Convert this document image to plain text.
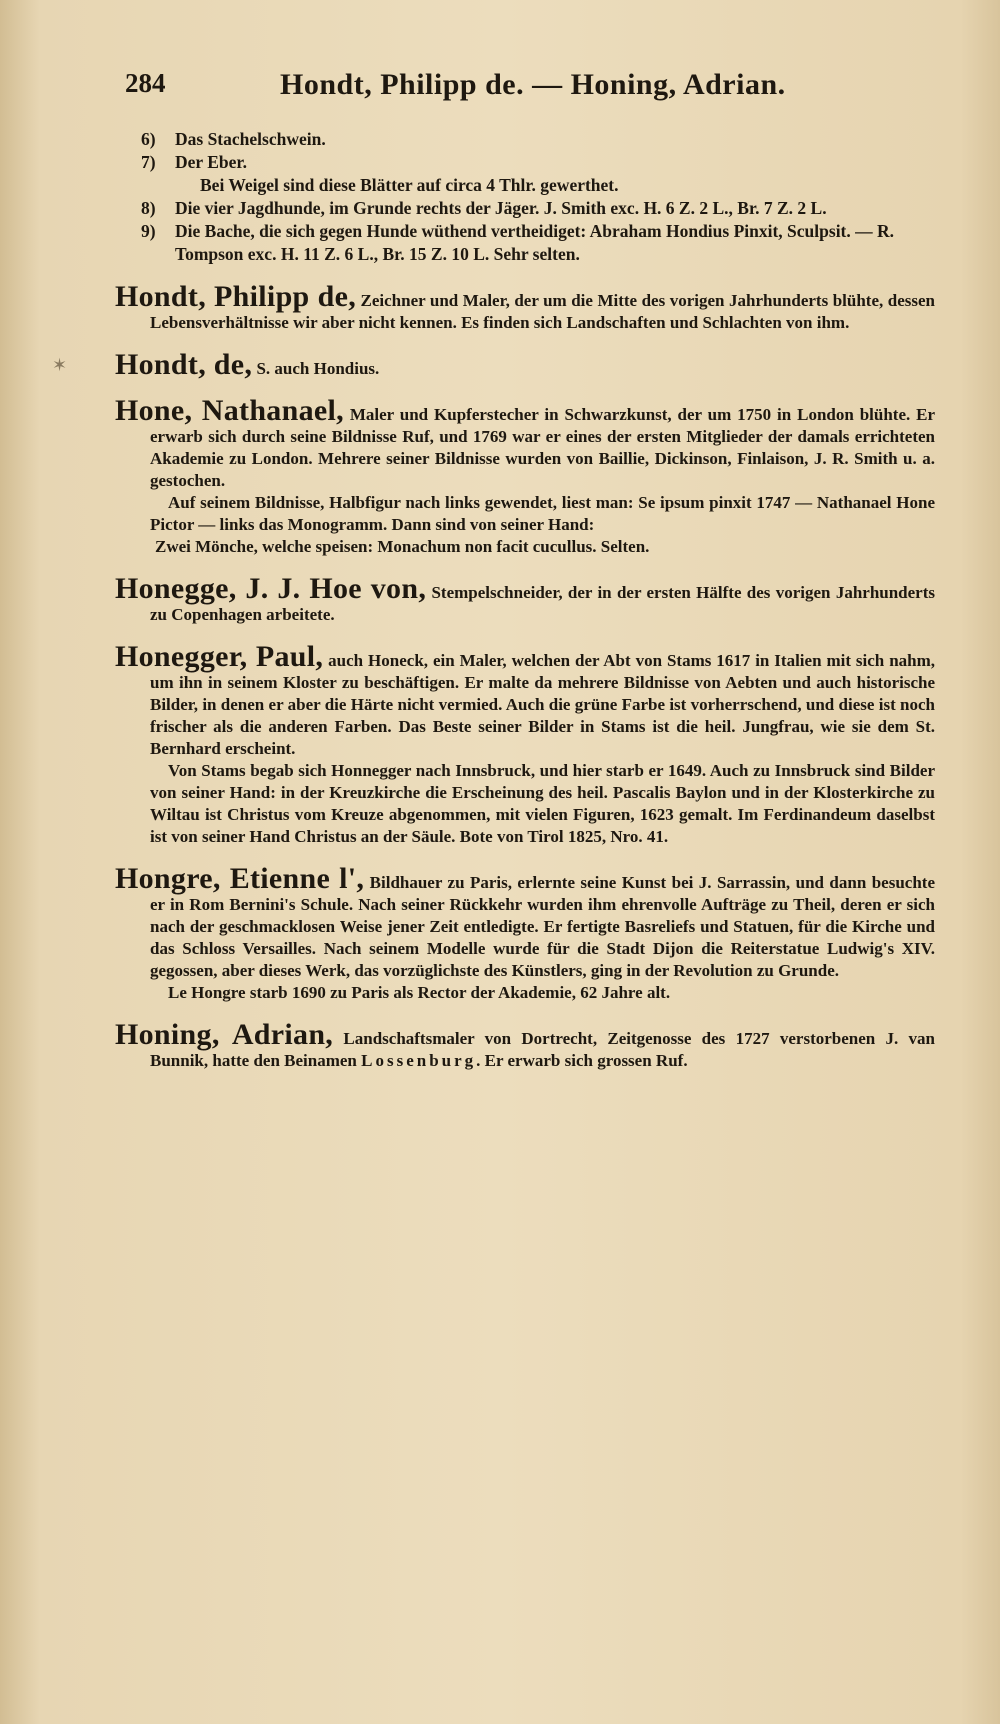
✶
284	Hondt, Philipp de. — Honing, Adrian.
6) Das Stachelschwein.
7) Der Eber.
Bei Weigel sind diese Blätter auf circa 4 Thlr. gewerthet.
8) Die vier Jagdhunde, im Grunde rechts der Jäger. J. Smith exc. H. 6 Z. 2 L., Br. 7 Z. 2 L.
9) Die Bache, die sich gegen Hunde wüthend vertheidiget: Abraham Hondius Pinxit, Sculpsit. — R. Tompson exc. H. 11 Z. 6 L., Br. 15 Z. 10 L. Sehr selten.
Hondt, Philipp de, Zeichner und Maler, der um die Mitte des vorigen Jahrhunderts blühte, dessen Lebensverhältnisse wir aber nicht kennen. Es finden sich Landschaften und Schlachten von ihm.
Hondt, de, S. auch Hondius.
Hone, Nathanael, Maler und Kupferstecher in Schwarzkunst, der um 1750 in London blühte. Er erwarb sich durch seine Bildnisse Ruf, und 1769 war er eines der ersten Mitglieder der damals errichteten Akademie zu London. Mehrere seiner Bildnisse wurden von Baillie, Dickinson, Finlaison, J. R. Smith u. a. gestochen.
Auf seinem Bildnisse, Halbfigur nach links gewendet, liest man: Se ipsum pinxit 1747 — Nathanael Hone Pictor — links das Monogramm. Dann sind von seiner Hand:
Zwei Mönche, welche speisen: Monachum non facit cucullus. Selten.
Honegge, J. J. Hoe von, Stempelschneider, der in der ersten Hälfte des vorigen Jahrhunderts zu Copenhagen arbeitete.
Honegger, Paul, auch Honeck, ein Maler, welchen der Abt von Stams 1617 in Italien mit sich nahm, um ihn in seinem Kloster zu beschäftigen. Er malte da mehrere Bildnisse von Aebten und auch historische Bilder, in denen er aber die Härte nicht vermied. Auch die grüne Farbe ist vorherrschend, und diese ist noch frischer als die anderen Farben. Das Beste seiner Bilder in Stams ist die heil. Jungfrau, wie sie dem St. Bernhard erscheint.
Von Stams begab sich Honnegger nach Innsbruck, und hier starb er 1649. Auch zu Innsbruck sind Bilder von seiner Hand: in der Kreuzkirche die Erscheinung des heil. Pascalis Baylon und in der Klosterkirche zu Wiltau ist Christus vom Kreuze abgenommen, mit vielen Figuren, 1623 gemalt. Im Ferdinandeum daselbst ist von seiner Hand Christus an der Säule. Bote von Tirol 1825, Nro. 41.
Hongre, Etienne l', Bildhauer zu Paris, erlernte seine Kunst bei J. Sarrassin, und dann besuchte er in Rom Bernini's Schule. Nach seiner Rückkehr wurden ihm ehrenvolle Aufträge zu Theil, deren er sich nach der geschmacklosen Weise jener Zeit entledigte. Er fertigte Basreliefs und Statuen, für die Kirche und das Schloss Versailles. Nach seinem Modelle wurde für die Stadt Dijon die Reiterstatue Ludwig's XIV. gegossen, aber dieses Werk, das vorzüglichste des Künstlers, ging in der Revolution zu Grunde.
Le Hongre starb 1690 zu Paris als Rector der Akademie, 62 Jahre alt.
Honing, Adrian, Landschaftsmaler von Dortrecht, Zeitgenosse des 1727 verstorbenen J. van Bunnik, hatte den Beinamen Lossenburg. Er erwarb sich grossen Ruf.
